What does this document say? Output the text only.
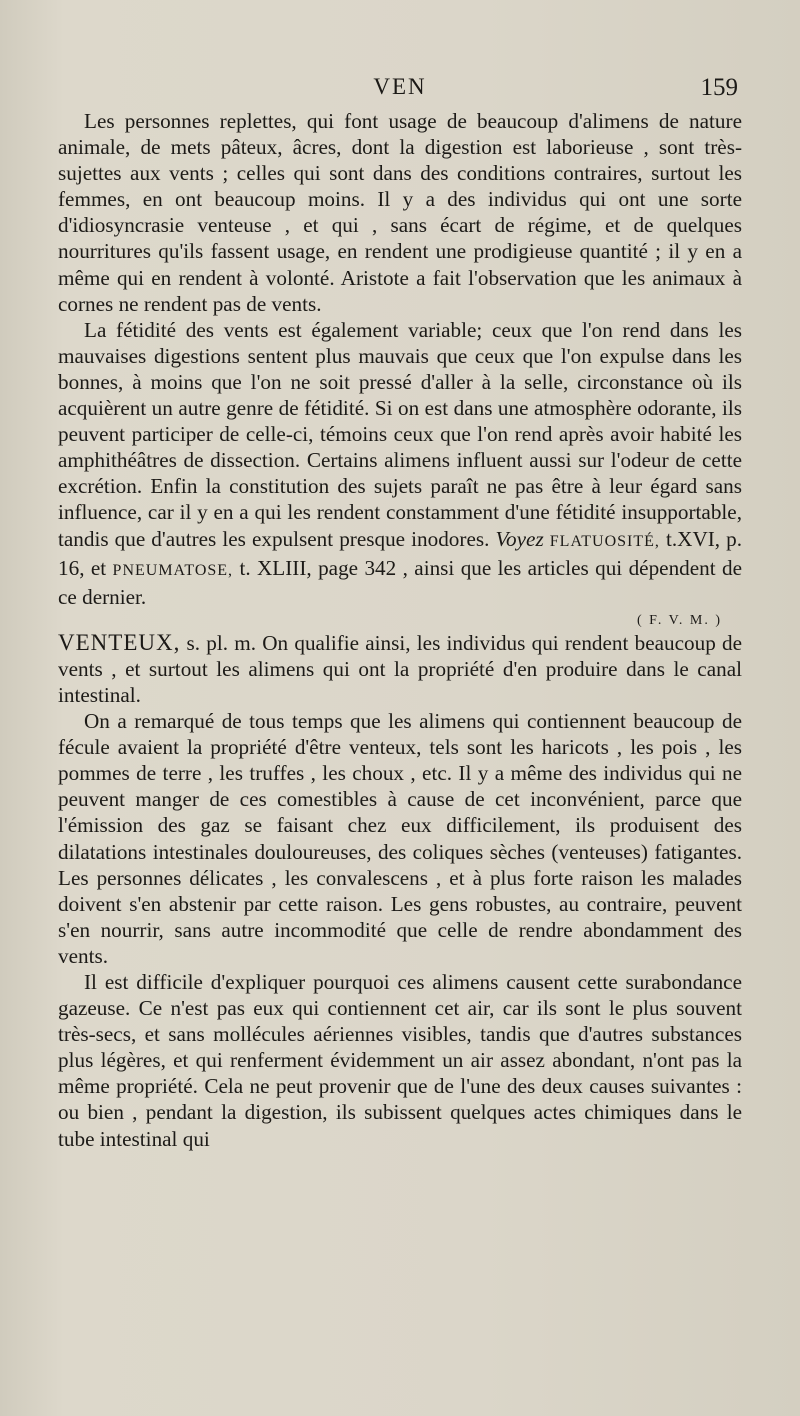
VEN	159

Les personnes replettes, qui font usage de beaucoup d'alimens de nature animale, de mets pâteux, âcres, dont la digestion est laborieuse , sont très-sujettes aux vents ; celles qui sont dans des conditions contraires, surtout les femmes, en ont beaucoup moins. Il y a des individus qui ont une sorte d'idiosyncrasie venteuse , et qui , sans écart de régime, et de quelques nourritures qu'ils fassent usage, en rendent une prodigieuse quantité ; il y en a même qui en rendent à volonté. Aristote a fait l'observation que les animaux à cornes ne rendent pas de vents.

La fétidité des vents est également variable; ceux que l'on rend dans les mauvaises digestions sentent plus mauvais que ceux que l'on expulse dans les bonnes, à moins que l'on ne soit pressé d'aller à la selle, circonstance où ils acquièrent un autre genre de fétidité. Si on est dans une atmosphère odorante, ils peuvent participer de celle-ci, témoins ceux que l'on rend après avoir habité les amphithéâtres de dissection. Certains alimens influent aussi sur l'odeur de cette excrétion. Enfin la constitution des sujets paraît ne pas être à leur égard sans influence, car il y en a qui les rendent constamment d'une fétidité insupportable, tandis que d'autres les expulsent presque inodores. Voyez FLATUOSITÉ, t.XVI, p. 16, et PNEUMATOSE, t. XLIII, page 342 , ainsi que les articles qui dépendent de ce dernier.

( F. V. M. )

VENTEUX, s. pl. m. On qualifie ainsi, les individus qui rendent beaucoup de vents , et surtout les alimens qui ont la propriété d'en produire dans le canal intestinal.

On a remarqué de tous temps que les alimens qui contiennent beaucoup de fécule avaient la propriété d'être venteux, tels sont les haricots , les pois , les pommes de terre , les truffes , les choux , etc. Il y a même des individus qui ne peuvent manger de ces comestibles à cause de cet inconvénient, parce que l'émission des gaz se faisant chez eux difficilement, ils produisent des dilatations intestinales douloureuses, des coliques sèches (venteuses) fatigantes. Les personnes délicates , les convalescens , et à plus forte raison les malades doivent s'en abstenir par cette raison. Les gens robustes, au contraire, peuvent s'en nourrir, sans autre incommodité que celle de rendre abondamment des vents.

Il est difficile d'expliquer pourquoi ces alimens causent cette surabondance gazeuse. Ce n'est pas eux qui contiennent cet air, car ils sont le plus souvent très-secs, et sans mollécules aériennes visibles, tandis que d'autres substances plus légères, et qui renferment évidemment un air assez abondant, n'ont pas la même propriété. Cela ne peut provenir que de l'une des deux causes suivantes : ou bien , pendant la digestion, ils subissent quelques actes chimiques dans le tube intestinal qui
